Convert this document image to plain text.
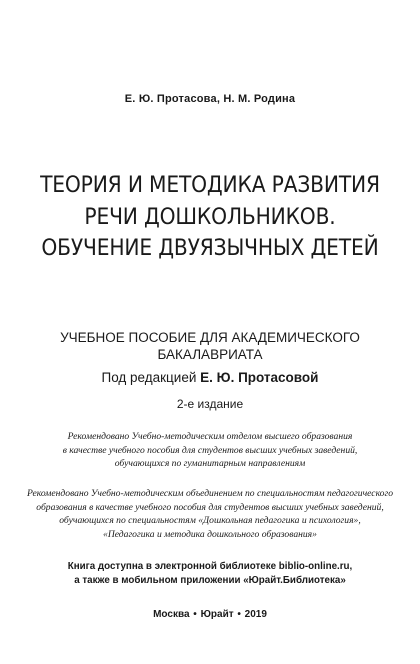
Е. Ю. Протасова, Н. М. Родина
ТЕОРИЯ И МЕТОДИКА РАЗВИТИЯ
РЕЧИ ДОШКОЛЬНИКОВ.
ОБУЧЕНИЕ ДВУЯЗЫЧНЫХ ДЕТЕЙ
УЧЕБНОЕ ПОСОБИЕ ДЛЯ АКАДЕМИЧЕСКОГО
БАКАЛАВРИАТА
Под редакцией Е. Ю. Протасовой
2-е издание
Рекомендовано Учебно-методическим отделом высшего образования
в качестве учебного пособия для студентов высших учебных заведений,
обучающихся по гуманитарным направлениям
Рекомендовано Учебно-методическим объединением по специальностям педагогического
образования в качестве учебного пособия для студентов высших учебных заведений,
обучающихся по специальностям «Дошкольная педагогика и психология»,
«Педагогика и методика дошкольного образования»
Книга доступна в электронной библиотеке biblio-online.ru,
а также в мобильном приложении «Юрайт.Библиотека»
Москва • Юрайт • 2019
